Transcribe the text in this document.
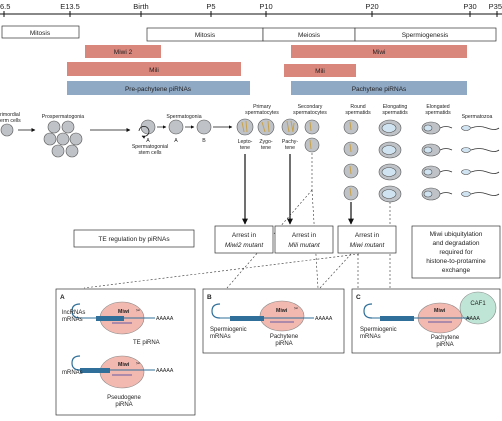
6.5	E13.5	Birth	P5	P10	P20	P30 P35
Mitosis	Mitosis	Meiosis	Spermiogenesis
Miwi 2
Mili
Pre-pachytene piRNAs
Miwi
Mili
Pachytene piRNAs
rimordial
erm cells
Prospermatogonia	Spermatogonia
Primary
spermatocytes
Secondary
spermatocytes
Round
spermatids
Elongating
spermatids
Elongated
spermatids
Spermatozoa
A
Spermatogonial
stem cells
A	B	Lepto-
tene
Zygo-
tene
Pachy-
tene
TE regulation by piRNAs
Arrest in
Miwi2 mutant
Arrest in
Mili mutant
Arrest in
Miwi mutant
Miwi ubiquitylation
and degradation
required for
histone-to-protamine
exchange
A
Miwi ✂
AAAAA
lncRNAs
mRNAs
TE piRNA
Miwi ✂
AAAAA
mRNAs
Pseudogene
piRNA
B
Miwi ✂
AAAAA
Spermiogenic
mRNAs	Pachytene
piRNA
C
Miwi
CAF1
AAAA
Spermiogenic
mRNAs	Pachytene
piRNA
